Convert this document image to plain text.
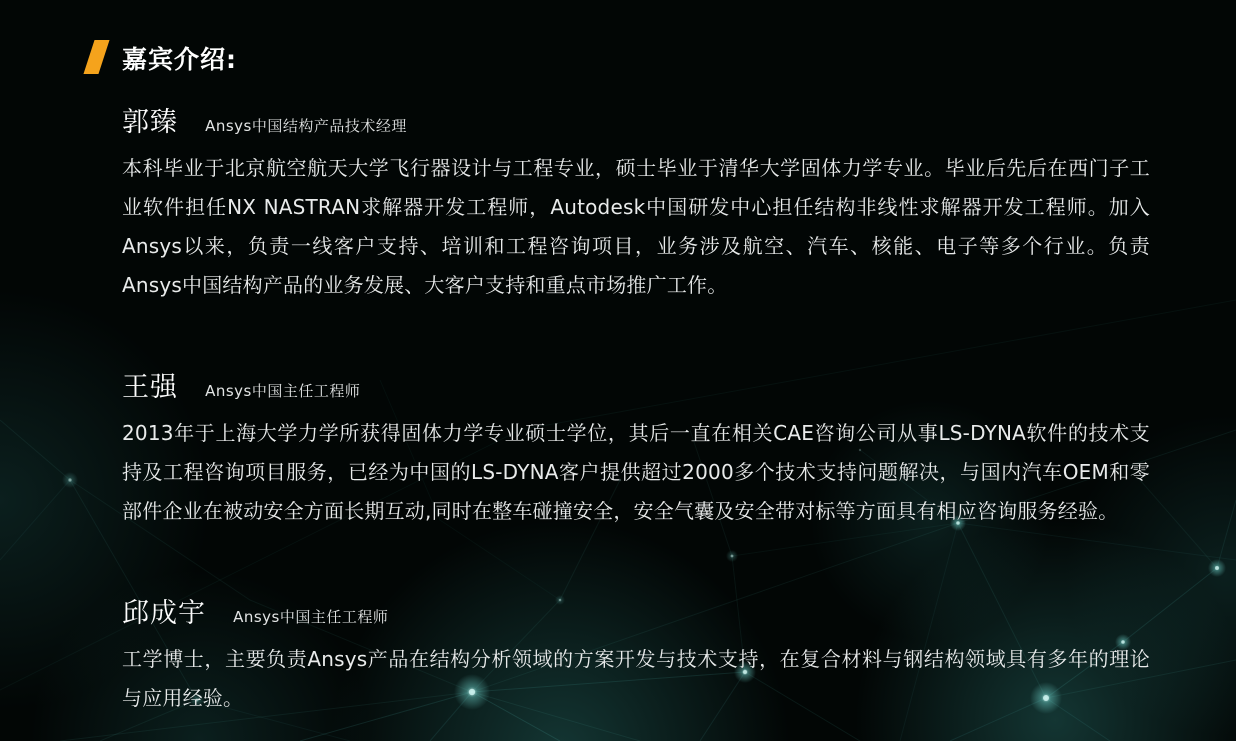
嘉宾介绍:
郭臻 Ansys中国结构产品技术经理

本科毕业于北京航空航天大学飞行器设计与工程专业，硕士毕业于清华大学固体力学专业。毕业后先后在西门子工业软件担任NX NASTRAN求解器开发工程师，Autodesk中国研发中心担任结构非线性求解器开发工程师。加入Ansys以来，负责一线客户支持、培训和工程咨询项目，业务涉及航空、汽车、核能、电子等多个行业。负责Ansys中国结构产品的业务发展、大客户支持和重点市场推广工作。

王强 Ansys中国主任工程师

2013年于上海大学力学所获得固体力学专业硕士学位，其后一直在相关CAE咨询公司从事LS-DYNA软件的技术支持及工程咨询项目服务，已经为中国的LS-DYNA客户提供超过2000多个技术支持问题解决，与国内汽车OEM和零部件企业在被动安全方面长期互动,同时在整车碰撞安全，安全气囊及安全带对标等方面具有相应咨询服务经验。

邱成宇 Ansys中国主任工程师

工学博士，主要负责Ansys产品在结构分析领域的方案开发与技术支持，在复合材料与钢结构领域具有多年的理论与应用经验。
